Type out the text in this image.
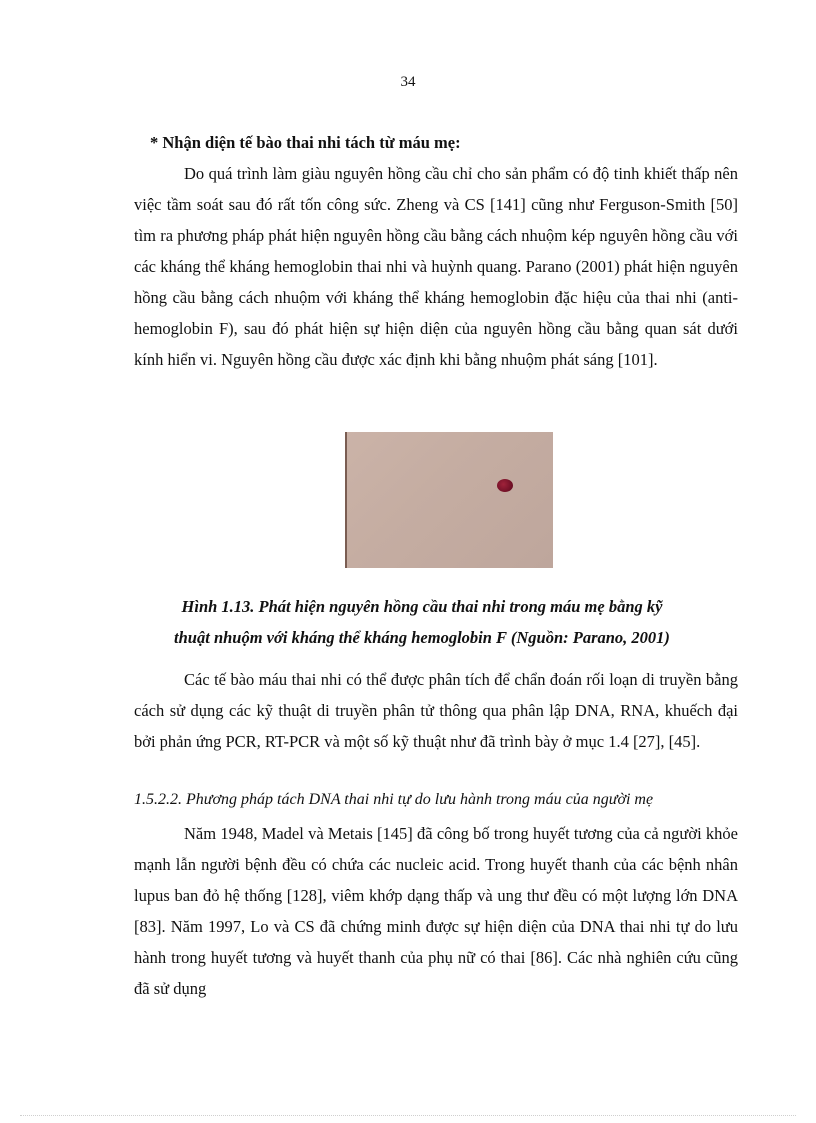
34
* Nhận diện tế bào thai nhi tách từ máu mẹ:

Do quá trình làm giàu nguyên hồng cầu chỉ cho sản phẩm có độ tinh khiết thấp nên việc tầm soát sau đó rất tốn công sức. Zheng và CS [141] cũng như Ferguson-Smith [50] tìm ra phương pháp phát hiện nguyên hồng cầu bằng cách nhuộm kép nguyên hồng cầu với các kháng thể kháng hemoglobin thai nhi và huỳnh quang. Parano (2001) phát hiện nguyên hồng cầu bằng cách nhuộm với kháng thể kháng hemoglobin đặc hiệu của thai nhi (anti-hemoglobin F), sau đó phát hiện sự hiện diện của nguyên hồng cầu bằng quan sát dưới kính hiển vi. Nguyên hồng cầu được xác định khi bằng nhuộm phát sáng [101].

Hình 1.13. Phát hiện nguyên hồng cầu thai nhi trong máu mẹ bằng kỹ
thuật nhuộm với kháng thể kháng hemoglobin F (Nguồn: Parano, 2001)

Các tế bào máu thai nhi có thể được phân tích để chẩn đoán rối loạn di truyền bằng cách sử dụng các kỹ thuật di truyền phân tử thông qua phân lập DNA, RNA, khuếch đại bởi phản ứng PCR, RT-PCR và một số kỹ thuật như đã trình bày ở mục 1.4 [27], [45].

1.5.2.2. Phương pháp tách DNA thai nhi tự do lưu hành trong máu của người mẹ

Năm 1948, Madel và Metais [145] đã công bố trong huyết tương của cả người khỏe mạnh lẫn người bệnh đều có chứa các nucleic acid. Trong huyết thanh của các bệnh nhân lupus ban đỏ hệ thống [128], viêm khớp dạng thấp và ung thư đều có một lượng lớn DNA [83]. Năm 1997, Lo và CS đã chứng minh được sự hiện diện của DNA thai nhi tự do lưu hành trong huyết tương và huyết thanh của phụ nữ có thai [86]. Các nhà nghiên cứu cũng đã sử dụng
